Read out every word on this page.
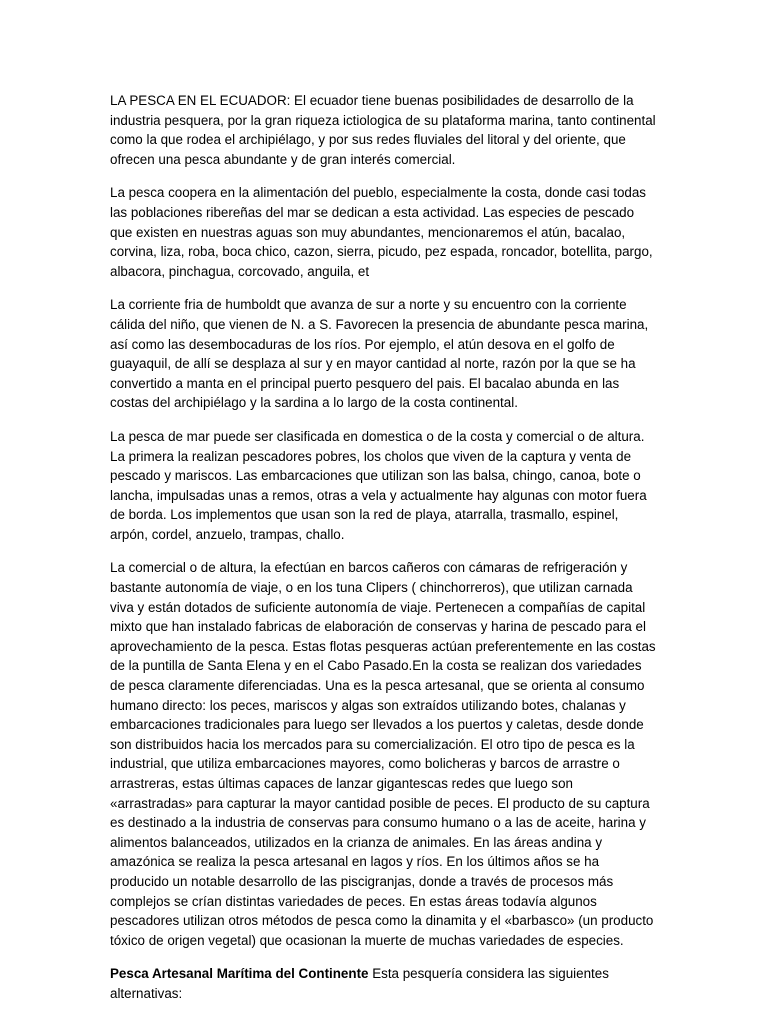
LA PESCA EN EL ECUADOR: El ecuador tiene buenas posibilidades de desarrollo de la industria pesquera, por la gran riqueza ictiologica de su plataforma marina, tanto continental como la que rodea el archipiélago, y por sus redes fluviales del litoral y del oriente, que ofrecen una pesca abundante y de gran interés comercial.

La pesca coopera en la alimentación del pueblo, especialmente la costa, donde casi todas las poblaciones ribereñas del mar se dedican a esta actividad. Las especies de pescado que existen en nuestras aguas son muy abundantes, mencionaremos el atún, bacalao, corvina, liza, roba, boca chico, cazon, sierra, picudo, pez espada, roncador, botellita, pargo, albacora, pinchagua, corcovado, anguila, et

La corriente fria de humboldt que avanza de sur a norte y su encuentro con la corriente cálida del niño, que vienen de N. a S. Favorecen la presencia de abundante pesca marina, así como las desembocaduras de los ríos. Por ejemplo, el atún desova en el golfo de guayaquil, de allí se desplaza al sur y en mayor cantidad al norte, razón por la que se ha convertido a manta en el principal puerto pesquero del pais. El bacalao abunda en las costas del archipiélago y la sardina a lo largo de la costa continental.

La pesca de mar puede ser clasificada en domestica o de la costa y comercial o de altura. La primera la realizan pescadores pobres, los cholos que viven de la captura y venta de pescado y mariscos. Las embarcaciones que utilizan son las balsa, chingo, canoa, bote o lancha, impulsadas unas a remos, otras a vela y actualmente hay algunas con motor fuera de borda. Los implementos que usan son la red de playa, atarralla, trasmallo, espinel, arpón, cordel, anzuelo, trampas, challo.

La comercial o de altura, la efectúan en barcos cañeros con cámaras de refrigeración y bastante autonomía de viaje, o en los tuna Clipers ( chinchorreros), que utilizan carnada viva y están dotados de suficiente autonomía de viaje. Pertenecen a compañías de capital mixto que han instalado fabricas de elaboración de conservas y harina de pescado para el aprovechamiento de la pesca. Estas flotas pesqueras actúan preferentemente en las costas de la puntilla de Santa Elena y en el Cabo Pasado.En la costa se realizan dos variedades de pesca claramente diferenciadas. Una es la pesca artesanal, que se orienta al consumo humano directo: los peces, mariscos y algas son extraídos utilizando botes, chalanas y embarcaciones tradicionales para luego ser llevados a los puertos y caletas, desde donde son distribuidos hacia los mercados para su comercialización. El otro tipo de pesca es la industrial, que utiliza embarcaciones mayores, como bolicheras y barcos de arrastre o arrastreras, estas últimas capaces de lanzar gigantescas redes que luego son «arrastradas» para capturar la mayor cantidad posible de peces. El producto de su captura es destinado a la industria de conservas para consumo humano o a las de aceite, harina y alimentos balanceados, utilizados en la crianza de animales. En las áreas andina y amazónica se realiza la pesca artesanal en lagos y ríos. En los últimos años se ha producido un notable desarrollo de las piscigranjas, donde a través de procesos más complejos se crían distintas variedades de peces. En estas áreas todavía algunos pescadores utilizan otros métodos de pesca como la dinamita y el «barbasco» (un producto tóxico de origen vegetal) que ocasionan la muerte de muchas variedades de especies.

Pesca Artesanal Marítima del Continente Esta pesquería considera las siguientes alternativas:
